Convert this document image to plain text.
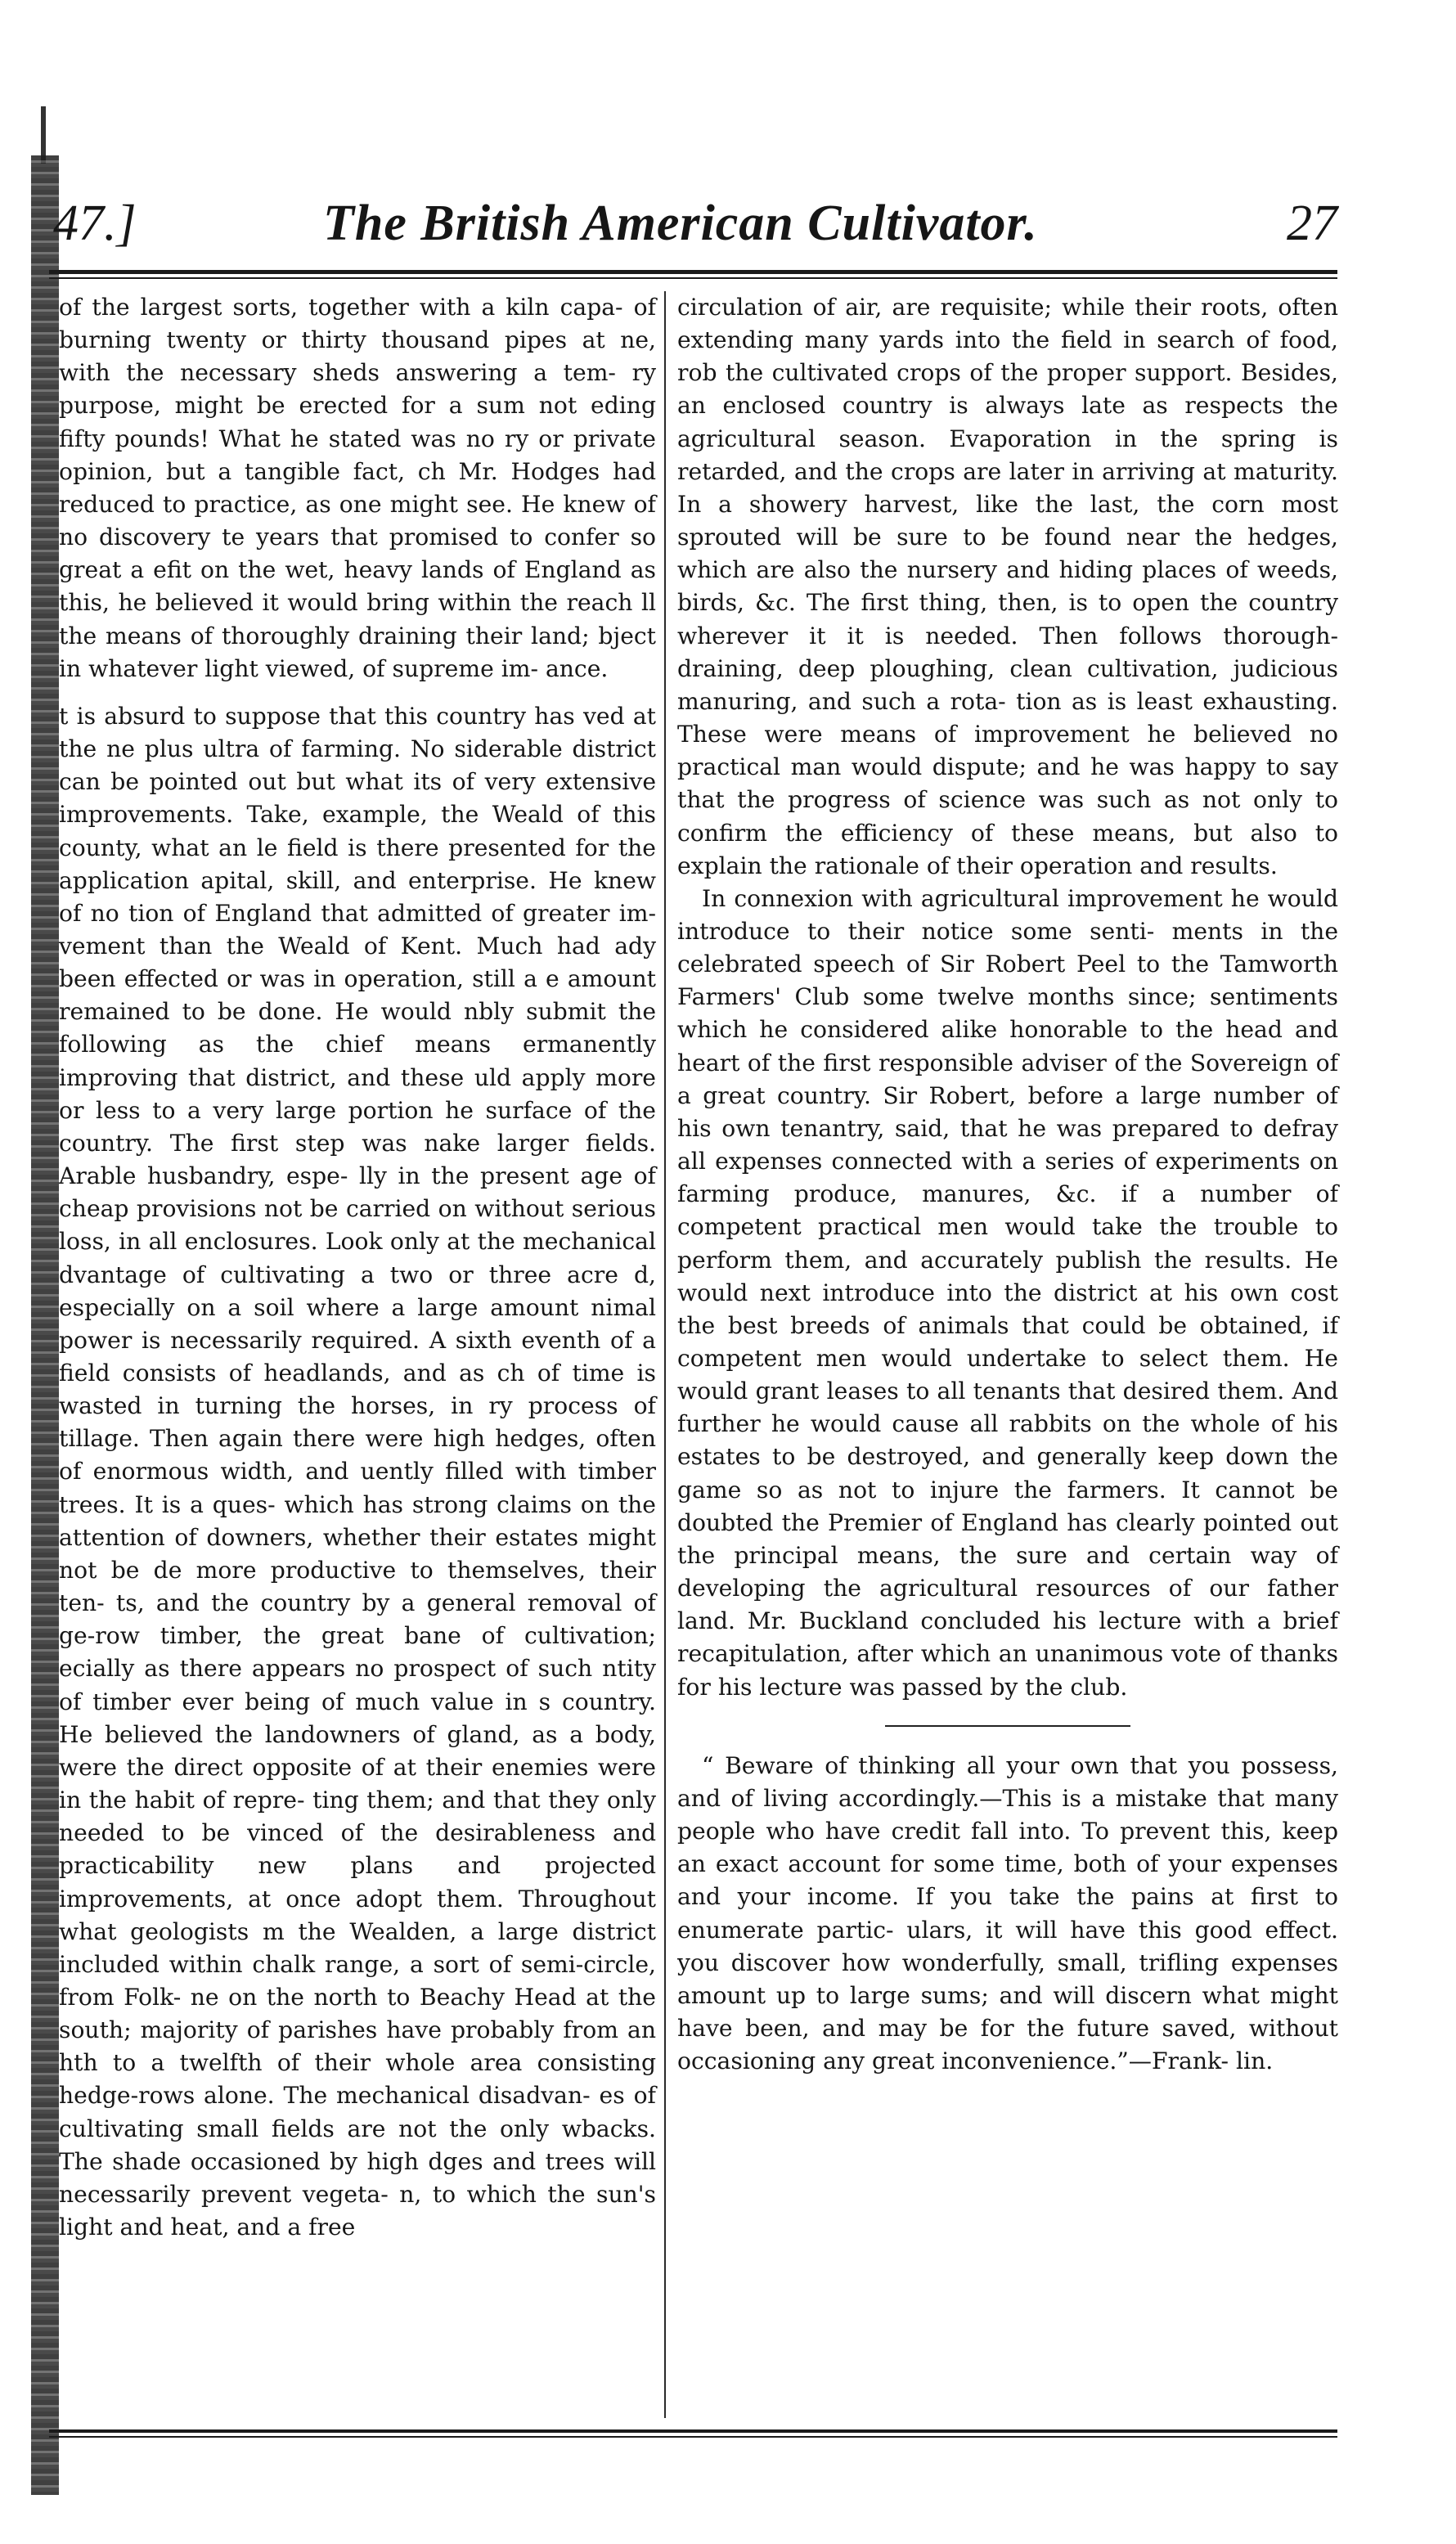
47.]	The British American Cultivator.	27

of the largest sorts, together with a kiln capa- of burning twenty or thirty thousand pipes at ne, with the necessary sheds answering a tem- ry purpose, might be erected for a sum not eding fifty pounds! What he stated was no ry or private opinion, but a tangible fact, ch Mr. Hodges had reduced to practice, as one might see. He knew of no discovery te years that promised to confer so great a efit on the wet, heavy lands of England as this, he believed it would bring within the reach ll the means of thoroughly draining their land; bject in whatever light viewed, of supreme im- ance.

t is absurd to suppose that this country has ved at the ne plus ultra of farming. No siderable district can be pointed out but what its of very extensive improvements. Take, example, the Weald of this county, what an le field is there presented for the application apital, skill, and enterprise. He knew of no tion of England that admitted of greater im- vement than the Weald of Kent. Much had ady been effected or was in operation, still a e amount remained to be done. He would nbly submit the following as the chief means ermanently improving that district, and these uld apply more or less to a very large portion he surface of the country. The first step was nake larger fields. Arable husbandry, espe- lly in the present age of cheap provisions not be carried on without serious loss, in all enclosures. Look only at the mechanical dvantage of cultivating a two or three acre d, especially on a soil where a large amount nimal power is necessarily required. A sixth eventh of a field consists of headlands, and as ch of time is wasted in turning the horses, in ry process of tillage. Then again there were high hedges, often of enormous width, and uently filled with timber trees. It is a ques- which has strong claims on the attention of downers, whether their estates might not be de more productive to themselves, their ten- ts, and the country by a general removal of ge-row timber, the great bane of cultivation; ecially as there appears no prospect of such ntity of timber ever being of much value in s country. He believed the landowners of gland, as a body, were the direct opposite of at their enemies were in the habit of repre- ting them; and that they only needed to be vinced of the desirableness and practicability new plans and projected improvements, at once adopt them. Throughout what geologists m the Wealden, a large district included within chalk range, a sort of semi-circle, from Folk- ne on the north to Beachy Head at the south; majority of parishes have probably from an hth to a twelfth of their whole area consisting hedge-rows alone. The mechanical disadvan- es of cultivating small fields are not the only wbacks. The shade occasioned by high dges and trees will necessarily prevent vegeta- n, to which the sun's light and heat, and a free

circulation of air, are requisite; while their roots, often extending many yards into the field in search of food, rob the cultivated crops of the proper support. Besides, an enclosed country is always late as respects the agricultural season. Evaporation in the spring is retarded, and the crops are later in arriving at maturity. In a showery harvest, like the last, the corn most sprouted will be sure to be found near the hedges, which are also the nursery and hiding places of weeds, birds, &c. The first thing, then, is to open the country wherever it it is needed. Then follows thorough-draining, deep ploughing, clean cultivation, judicious manuring, and such a rota- tion as is least exhausting. These were means of improvement he believed no practical man would dispute; and he was happy to say that the progress of science was such as not only to confirm the efficiency of these means, but also to explain the rationale of their operation and results.

In connexion with agricultural improvement he would introduce to their notice some senti- ments in the celebrated speech of Sir Robert Peel to the Tamworth Farmers' Club some twelve months since; sentiments which he considered alike honorable to the head and heart of the first responsible adviser of the Sovereign of a great country. Sir Robert, before a large number of his own tenantry, said, that he was prepared to defray all expenses connected with a series of experiments on farming produce, manures, &c. if a number of competent practical men would take the trouble to perform them, and accurately publish the results. He would next introduce into the district at his own cost the best breeds of animals that could be obtained, if competent men would undertake to select them. He would grant leases to all tenants that desired them. And further he would cause all rabbits on the whole of his estates to be destroyed, and generally keep down the game so as not to injure the farmers. It cannot be doubted the Premier of England has clearly pointed out the principal means, the sure and certain way of developing the agricultural resources of our father land. Mr. Buckland concluded his lecture with a brief recapitulation, after which an unanimous vote of thanks for his lecture was passed by the club.

“ Beware of thinking all your own that you possess, and of living accordingly.—This is a mistake that many people who have credit fall into. To prevent this, keep an exact account for some time, both of your expenses and your income. If you take the pains at first to enumerate partic- ulars, it will have this good effect. you discover how wonderfully, small, trifling expenses amount up to large sums; and will discern what might have been, and may be for the future saved, without occasioning any great inconvenience.”—Frank- lin.
